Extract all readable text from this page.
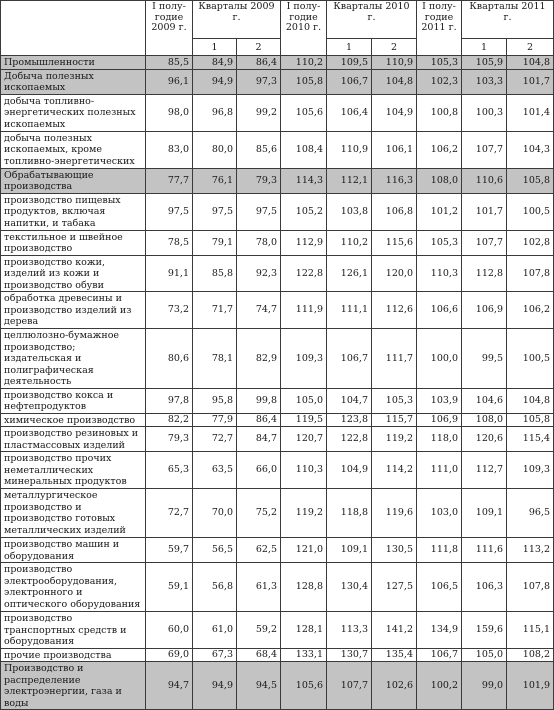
	I полу-годие 2009 г.	Кварталы 2009 г.		I полу-годие 2010 г.	Кварталы 2010 г.		I полу-годие 2011 г.	Кварталы 2011 г.	
		1	2		1	2		1	2
Промышленности	85,5	84,9	86,4	110,2	109,5	110,9	105,3	105,9	104,8
Добыча полезных ископаемых	96,1	94,9	97,3	105,8	106,7	104,8	102,3	103,3	101,7
добыча топливно-энергетических полезных ископаемых	98,0	96,8	99,2	105,6	106,4	104,9	100,8	100,3	101,4
добыча полезных ископаемых, кроме топливно-энергетических	83,0	80,0	85,6	108,4	110,9	106,1	106,2	107,7	104,3
Обрабатывающие производства	77,7	76,1	79,3	114,3	112,1	116,3	108,0	110,6	105,8
производство пищевых продуктов, включая напитки, и табака	97,5	97,5	97,5	105,2	103,8	106,8	101,2	101,7	100,5
текстильное и швейное производство	78,5	79,1	78,0	112,9	110,2	115,6	105,3	107,7	102,8
производство кожи, изделий из кожи и производство обуви	91,1	85,8	92,3	122,8	126,1	120,0	110,3	112,8	107,8
обработка древесины и производство изделий из дерева	73,2	71,7	74,7	111,9	111,1	112,6	106,6	106,9	106,2
целлюлозно-бумажное производство; издательская и полиграфическая деятельность	80,6	78,1	82,9	109,3	106,7	111,7	100,0	99,5	100,5
производство кокса и нефтепродуктов	97,8	95,8	99,8	105,0	104,7	105,3	103,9	104,6	104,8
химическое производство	82,2	77,9	86,4	119,5	123,8	115,7	106,9	108,0	105,8
производство резиновых и пластмассовых изделий	79,3	72,7	84,7	120,7	122,8	119,2	118,0	120,6	115,4
производство прочих неметаллических минеральных продуктов	65,3	63,5	66,0	110,3	104,9	114,2	111,0	112,7	109,3
металлургическое производство и производство готовых металлических изделий	72,7	70,0	75,2	119,2	118,8	119,6	103,0	109,1	96,5
производство машин и оборудования	59,7	56,5	62,5	121,0	109,1	130,5	111,8	111,6	113,2
производство электрооборудования, электронного и оптического оборудования	59,1	56,8	61,3	128,8	130,4	127,5	106,5	106,3	107,8
производство транспортных средств и оборудования	60,0	61,0	59,2	128,1	113,3	141,2	134,9	159,6	115,1
прочие производства	69,0	67,3	68,4	133,1	130,7	135,4	106,7	105,0	108,2
Производство и распределение электроэнергии, газа и воды	94,7	94,9	94,5	105,6	107,7	102,6	100,2	99,0	101,9
